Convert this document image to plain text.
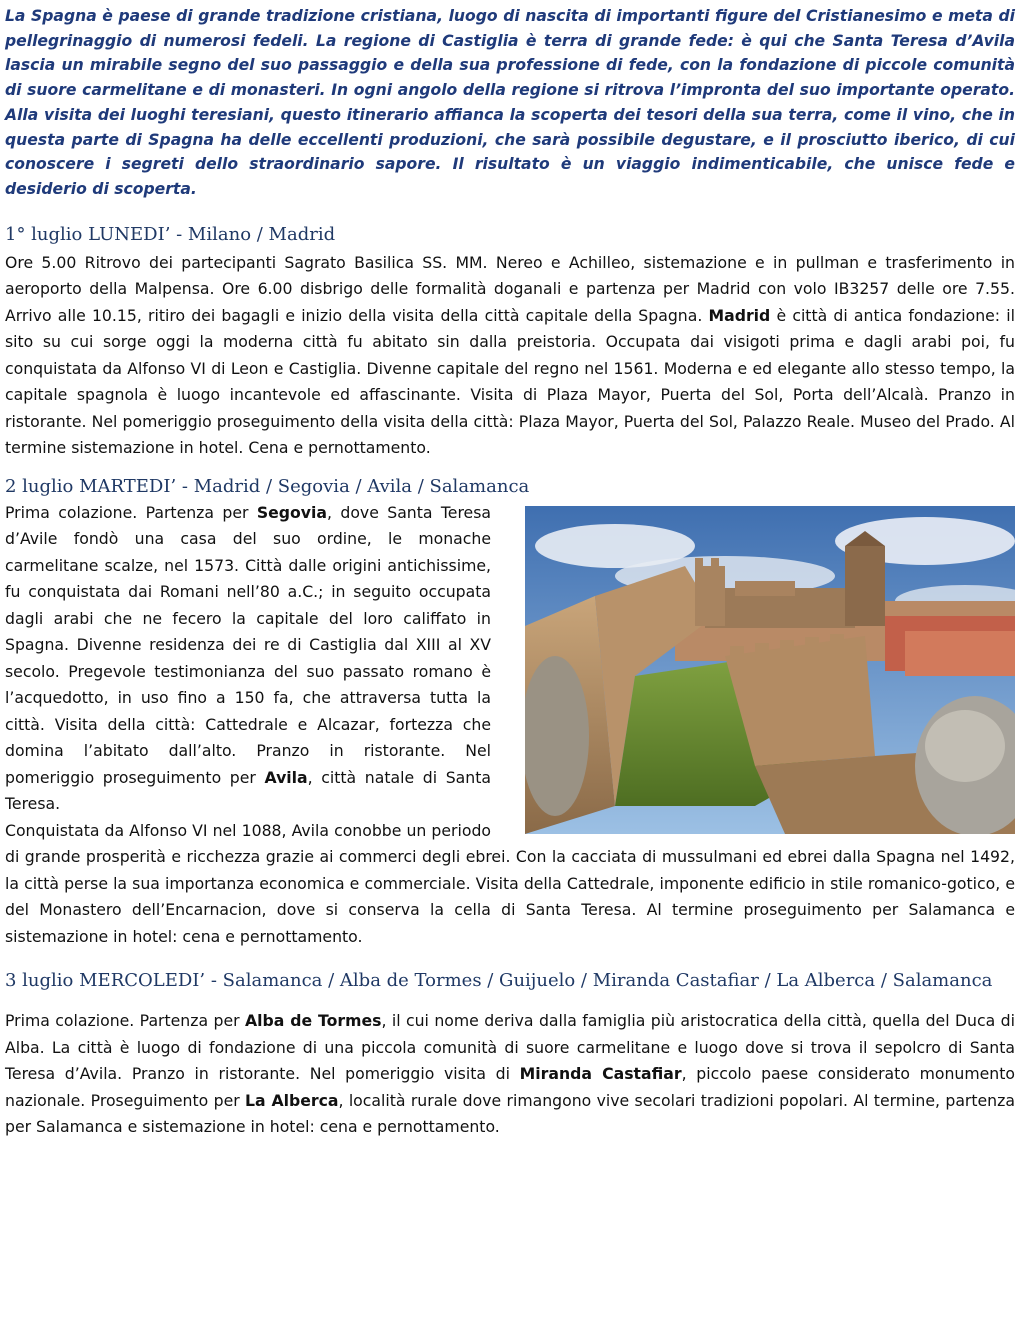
La Spagna è paese di grande tradizione cristiana, luogo di nascita di importanti figure del Cristianesimo e meta di pellegrinaggio di numerosi fedeli. La regione di Castiglia è terra di grande fede: è qui che Santa Teresa d’Avila lascia un mirabile segno del suo passaggio e della sua professione di fede, con la fondazione di piccole comunità di suore carmelitane e di monasteri. In ogni angolo della regione si ritrova l’impronta del suo importante operato. Alla visita dei luoghi teresiani, questo itinerario affianca la scoperta dei tesori della sua terra, come il vino, che in questa parte di Spagna ha delle eccellenti produzioni, che sarà possibile degustare, e il prosciutto iberico, di cui conoscere i segreti dello straordinario sapore. Il risultato è un viaggio indimenticabile, che unisce fede e desiderio di scoperta.

1° luglio LUNEDI’ - Milano / Madrid

Ore 5.00 Ritrovo dei partecipanti Sagrato Basilica SS. MM. Nereo e Achilleo, sistemazione e in pullman e trasferimento in aeroporto della Malpensa. Ore 6.00 disbrigo delle formalità doganali e partenza per Madrid con volo IB3257 delle ore 7.55. Arrivo alle 10.15, ritiro dei bagagli e inizio della visita della città capitale della Spagna. Madrid è città di antica fondazione: il sito su cui sorge oggi la moderna città fu abitato sin dalla preistoria. Occupata dai visigoti prima e dagli arabi poi, fu conquistata da Alfonso VI di Leon e Castiglia. Divenne capitale del regno nel 1561. Moderna e ed elegante allo stesso tempo, la capitale spagnola è luogo incantevole ed affascinante. Visita di Plaza Mayor, Puerta del Sol, Porta dell’Alcalà. Pranzo in ristorante. Nel pomeriggio proseguimento della visita della città: Plaza Mayor, Puerta del Sol, Palazzo Reale. Museo del Prado. Al termine sistemazione in hotel. Cena e pernottamento.

2 luglio MARTEDI’ - Madrid / Segovia / Avila / Salamanca

Prima colazione. Partenza per Segovia, dove Santa Teresa d’Avile fondò una casa del suo ordine, le monache carmelitane scalze, nel 1573. Città dalle origini antichissime, fu conquistata dai Romani nell’80 a.C.; in seguito occupata dagli arabi che ne fecero la capitale del loro califfato in Spagna. Divenne residenza dei re di Castiglia dal XIII al XV secolo. Pregevole testimonianza del suo passato romano è l’acquedotto, in uso fino a 150 fa, che attraversa tutta la città. Visita della città: Cattedrale e Alcazar, fortezza che domina l’abitato dall’alto. Pranzo in ristorante. Nel pomeriggio proseguimento per Avila, città natale di Santa Teresa.
Conquistata da Alfonso VI nel 1088, Avila conobbe un periodo di grande prosperità e ricchezza grazie ai commerci degli ebrei. Con la cacciata di mussulmani ed ebrei dalla Spagna nel 1492, la città perse la sua importanza economica e commerciale. Visita della Cattedrale, imponente edificio in stile romanico-gotico, e del Monastero dell’Encarnacion, dove si conserva la cella di Santa Teresa. Al termine proseguimento per Salamanca e sistemazione in hotel: cena e pernottamento.

3 luglio MERCOLEDI’ - Salamanca / Alba de Tormes / Guijuelo / Miranda Castafiar / La Alberca / Salamanca

Prima colazione. Partenza per Alba de Tormes, il cui nome deriva dalla famiglia più aristocratica della città, quella del Duca di Alba. La città è luogo di fondazione di una piccola comunità di suore carmelitane e luogo dove si trova il sepolcro di Santa Teresa d’Avila. Pranzo in ristorante. Nel pomeriggio visita di Miranda Castafiar, piccolo paese considerato monumento nazionale. Proseguimento per La Alberca, località rurale dove rimangono vive secolari tradizioni popolari. Al termine, partenza per Salamanca e sistemazione in hotel: cena e pernottamento.
